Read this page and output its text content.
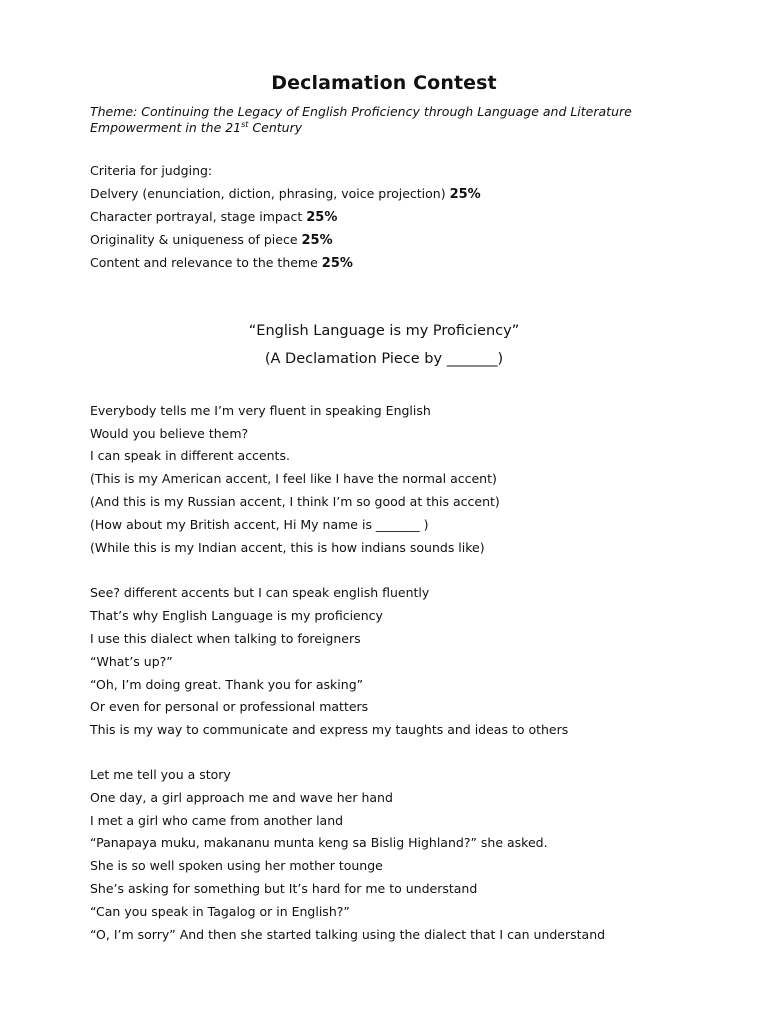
Declamation Contest
Theme: Continuing the Legacy of English Proficiency through Language and Literature Empowerment in the 21st Century
Criteria for judging:
Delvery (enunciation, diction, phrasing, voice projection) 25%
Character portrayal, stage impact 25%
Originality & uniqueness of piece 25%
Content and relevance to the theme 25%
“English Language is my Proficiency”
(A Declamation Piece by _______)
Everybody tells me I’m very fluent in speaking English
Would you believe them?
I can speak in different accents.
(This is my American accent, I feel like I have the normal accent)
(And this is my Russian accent, I think I’m so good at this accent)
(How about my British accent, Hi My name is _______ )
(While this is my Indian accent, this is how indians sounds like)
See? different accents but I can speak english fluently
That’s why English Language is my proficiency
I use this dialect when talking to foreigners
“What’s up?”
“Oh, I’m doing great. Thank you for asking”
Or even for personal or professional matters
This is my way to communicate and express my taughts and ideas to others
Let me tell you a story
One day, a girl approach me and wave her hand
I met a girl who came from another land
“Panapaya muku, makananu munta keng sa Bislig Highland?” she asked.
She is so well spoken using her mother tounge
She’s asking for something but It’s hard for me to understand
“Can you speak in Tagalog or in English?”
“O, I’m sorry” And then she started talking using the dialect that I can understand
